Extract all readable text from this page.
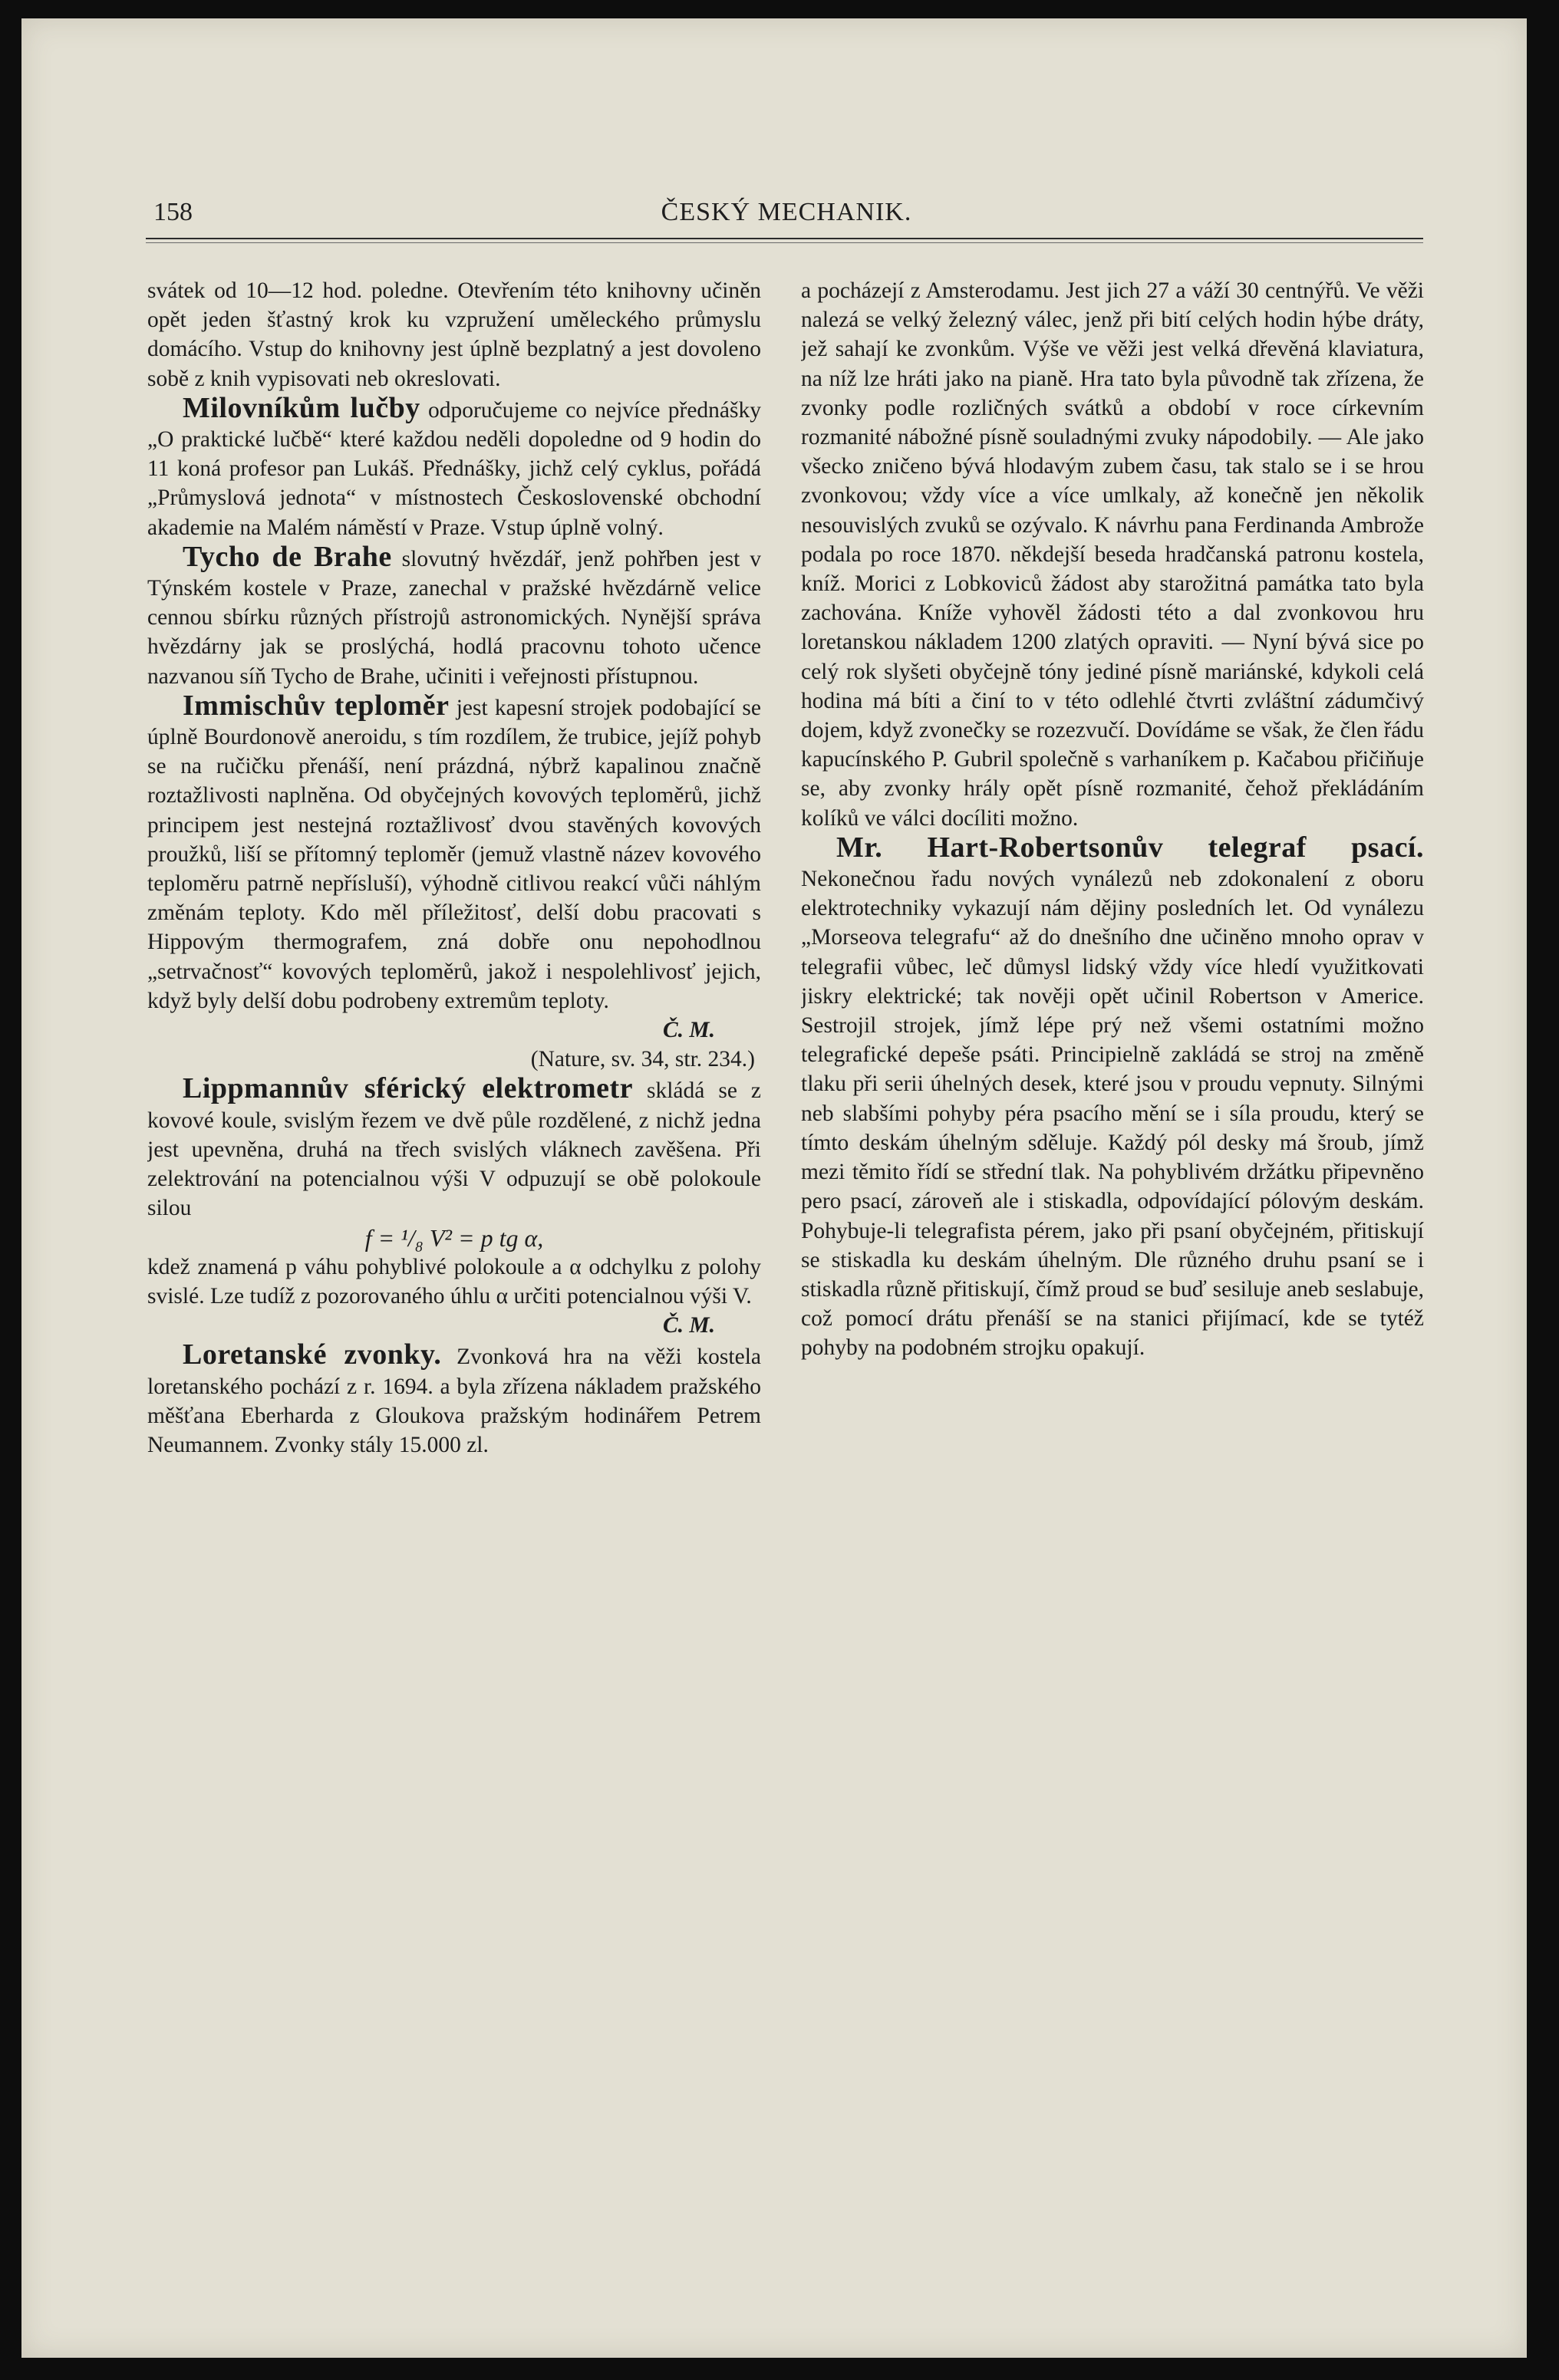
158	ČESKÝ MECHANIK.

svátek od 10—12 hod. poledne. Otevřením této knihovny učiněn opět jeden šťastný krok ku vzpružení uměleckého průmyslu domácího. Vstup do knihovny jest úplně bezplatný a jest dovoleno sobě z knih vypisovati neb okreslovati.

Milovníkům lučby odporučujeme co nejvíce přednášky „O praktické lučbě“ které každou neděli dopoledne od 9 hodin do 11 koná profesor pan Lukáš. Přednášky, jichž celý cyklus, pořádá „Průmyslová jednota“ v místnostech Československé obchodní akademie na Malém náměstí v Praze. Vstup úplně volný.

Tycho de Brahe slovutný hvězdář, jenž pohřben jest v Týnském kostele v Praze, zanechal v pražské hvězdárně velice cennou sbírku různých přístrojů astronomických. Nynější správa hvězdárny jak se proslýchá, hodlá pracovnu tohoto učence nazvanou síň Tycho de Brahe, učiniti i veřejnosti přístupnou.

Immischův teploměr jest kapesní strojek podobající se úplně Bourdonově aneroidu, s tím rozdílem, že trubice, jejíž pohyb se na ručičku přenáší, není prázdná, nýbrž kapalinou značně roztažlivosti naplněna. Od obyčejných kovových teploměrů, jichž principem jest nestejná roztažlivosť dvou stavěných kovových proužků, liší se přítomný teploměr (jemuž vlastně název kovového teploměru patrně nepřísluší), výhodně citlivou reakcí vůči náhlým změnám teploty. Kdo měl příležitosť, delší dobu pracovati s Hippovým thermografem, zná dobře onu nepohodlnou „setrvačnosť“ kovových teploměrů, jakož i nespolehlivosť jejich, když byly delší dobu podrobeny extremům teploty.

Č. M.

(Nature, sv. 34, str. 234.)

Lippmannův sférický elektrometr skládá se z kovové koule, svislým řezem ve dvě půle rozdělené, z nichž jedna jest upevněna, druhá na třech svislých vláknech zavěšena. Při zelektrování na potencialnou výši V odpuzují se obě polokoule silou

f = ¹/₈ V² = p tg α,

kdež znamená p váhu pohyblivé polokoule a α odchylku z polohy svislé. Lze tudíž z pozorovaného úhlu α určiti potencialnou výši V.

Č. M.

Loretanské zvonky. Zvonková hra na věži kostela loretanského pochází z r. 1694. a byla zřízena nákladem pražského měšťana Eberharda z Gloukova pražským hodinářem Petrem Neumannem. Zvonky stály 15.000 zl.

a pocházejí z Amsterodamu. Jest jich 27 a váží 30 centnýřů. Ve věži nalezá se velký železný válec, jenž při bití celých hodin hýbe dráty, jež sahají ke zvonkům. Výše ve věži jest velká dřevěná klaviatura, na níž lze hráti jako na pianě. Hra tato byla původně tak zřízena, že zvonky podle rozličných svátků a období v roce církevním rozmanité nábožné písně souladnými zvuky nápodobily. — Ale jako všecko zničeno bývá hlodavým zubem času, tak stalo se i se hrou zvonkovou; vždy více a více umlkaly, až konečně jen několik nesouvislých zvuků se ozývalo. K návrhu pana Ferdinanda Ambrože podala po roce 1870. někdejší beseda hradčanská patronu kostela, kníž. Morici z Lobkoviců žádost aby starožitná památka tato byla zachována. Kníže vyhověl žádosti této a dal zvonkovou hru loretanskou nákladem 1200 zlatých opraviti. — Nyní bývá sice po celý rok slyšeti obyčejně tóny jediné písně mariánské, kdykoli celá hodina má bíti a činí to v této odlehlé čtvrti zvláštní zádumčivý dojem, když zvonečky se rozezvučí. Dovídáme se však, že člen řádu kapucínského P. Gubril společně s varhaníkem p. Kačabou přičiňuje se, aby zvonky hrály opět písně rozmanité, čehož překládáním kolíků ve válci docíliti možno.

Mr. Hart-Robertsonův telegraf psací. Nekonečnou řadu nových vynálezů neb zdokonalení z oboru elektrotechniky vykazují nám dějiny posledních let. Od vynálezu „Morseova telegrafu“ až do dnešního dne učiněno mnoho oprav v telegrafii vůbec, leč důmysl lidský vždy více hledí využitkovati jiskry elektrické; tak nověji opět učinil Robertson v Americe. Sestrojil strojek, jímž lépe prý než všemi ostatními možno telegrafické depeše psáti. Principielně zakládá se stroj na změně tlaku při serii úhelných desek, které jsou v proudu vepnuty. Silnými neb slabšími pohyby péra psacího mění se i síla proudu, který se tímto deskám úhelným sděluje. Každý pól desky má šroub, jímž mezi těmito řídí se střední tlak. Na pohyblivém držátku připevněno pero psací, zároveň ale i stiskadla, odpovídající pólovým deskám. Pohybuje-li telegrafista pérem, jako při psaní obyčejném, přitiskují se stiskadla ku deskám úhelným. Dle různého druhu psaní se i stiskadla různě přitiskují, čímž proud se buď sesiluje aneb seslabuje, což pomocí drátu přenáší se na stanici přijímací, kde se tytéž pohyby na podobném strojku opakují.
